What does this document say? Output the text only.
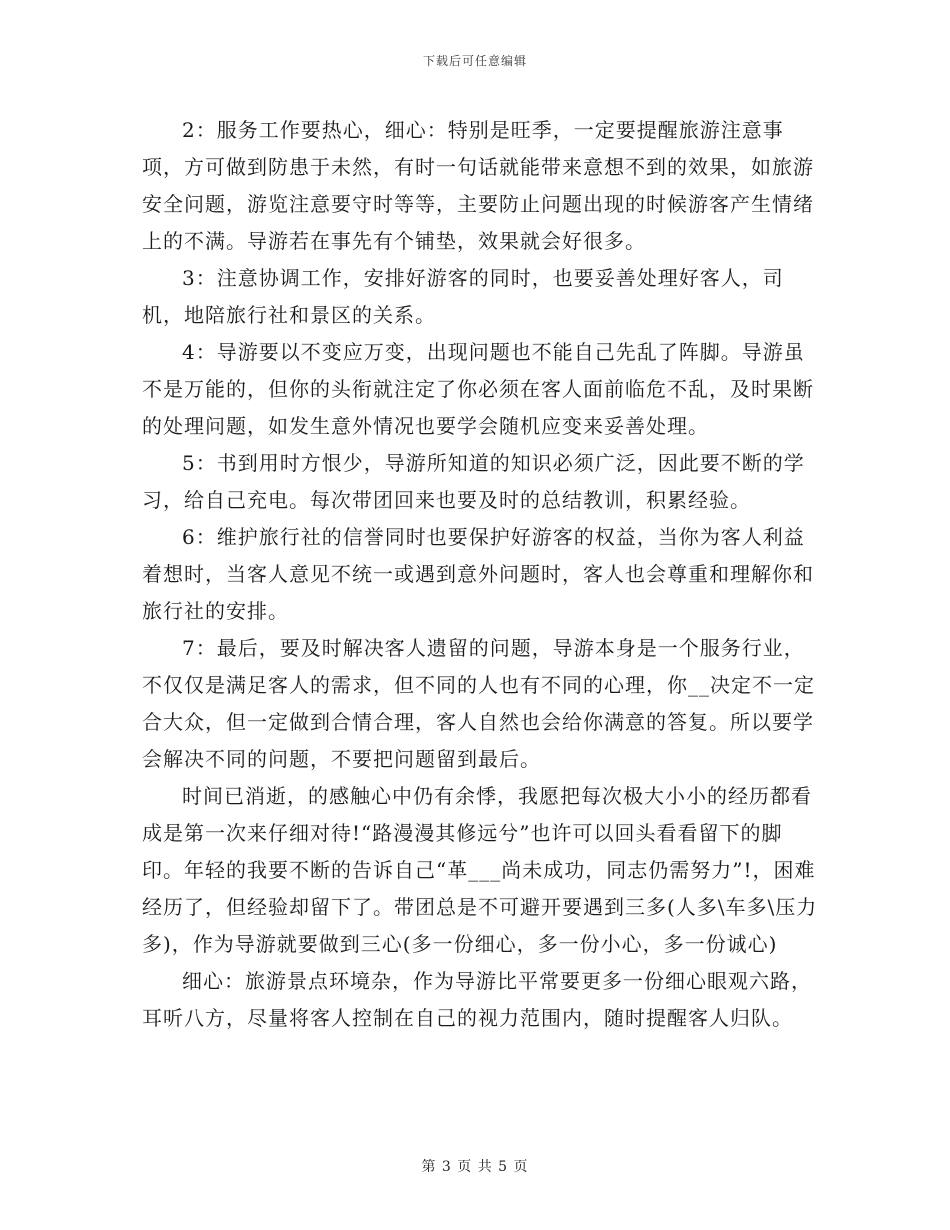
下载后可任意编辑

2：服务工作要热心，细心：特别是旺季，一定要提醒旅游注意事项，方可做到防患于未然，有时一句话就能带来意想不到的效果，如旅游安全问题，游览注意要守时等等，主要防止问题出现的时候游客产生情绪上的不满。导游若在事先有个铺垫，效果就会好很多。

3：注意协调工作，安排好游客的同时，也要妥善处理好客人，司机，地陪旅行社和景区的关系。

4：导游要以不变应万变，出现问题也不能自己先乱了阵脚。导游虽不是万能的，但你的头衔就注定了你必须在客人面前临危不乱，及时果断的处理问题，如发生意外情况也要学会随机应变来妥善处理。

5：书到用时方恨少，导游所知道的知识必须广泛，因此要不断的学习，给自己充电。每次带团回来也要及时的总结教训，积累经验。

6：维护旅行社的信誉同时也要保护好游客的权益，当你为客人利益着想时，当客人意见不统一或遇到意外问题时，客人也会尊重和理解你和旅行社的安排。

7：最后，要及时解决客人遗留的问题，导游本身是一个服务行业，不仅仅是满足客人的需求，但不同的人也有不同的心理，你__决定不一定合大众，但一定做到合情合理，客人自然也会给你满意的答复。所以要学会解决不同的问题，不要把问题留到最后。

时间已消逝，的感触心中仍有余悸，我愿把每次极大小小的经历都看成是第一次来仔细对待!“路漫漫其修远兮”也许可以回头看看留下的脚印。年轻的我要不断的告诉自己“革___尚未成功，同志仍需努力”!，困难经历了，但经验却留下了。带团总是不可避开要遇到三多(人多\车多\压力多)，作为导游就要做到三心(多一份细心，多一份小心，多一份诚心)

细心：旅游景点环境杂，作为导游比平常要更多一份细心眼观六路，耳听八方，尽量将客人控制在自己的视力范围内，随时提醒客人归队。

第 3 页 共 5 页
